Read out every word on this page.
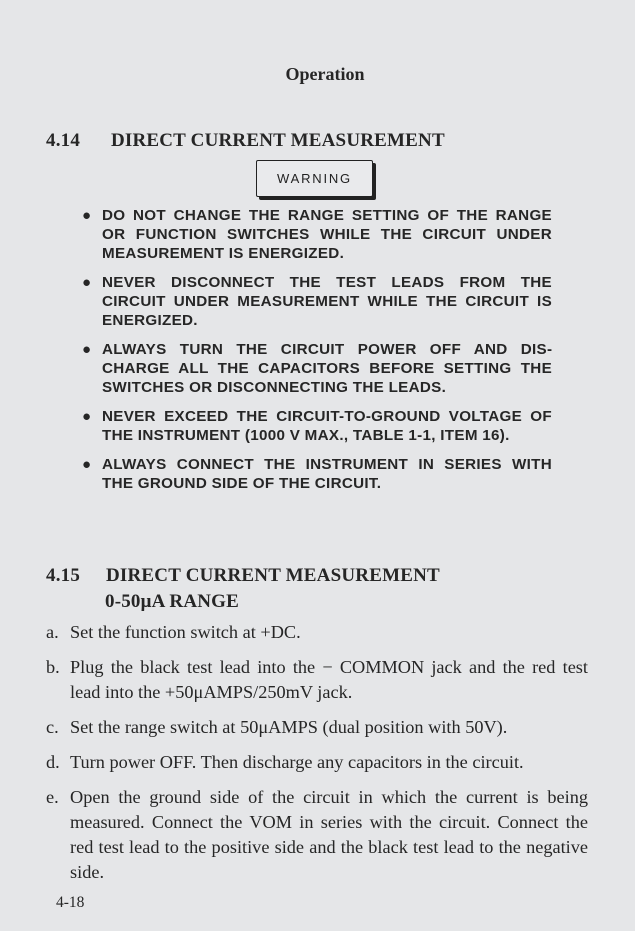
Operation
4.14 DIRECT CURRENT MEASUREMENT
WARNING
● DO NOT CHANGE THE RANGE SETTING OF THE RANGE OR FUNCTION SWITCHES WHILE THE CIRCUIT UNDER MEASUREMENT IS ENERGIZED.
● NEVER DISCONNECT THE TEST LEADS FROM THE CIRCUIT UNDER MEASUREMENT WHILE THE CIRCUIT IS ENERGIZED.
● ALWAYS TURN THE CIRCUIT POWER OFF AND DISCHARGE ALL THE CAPACITORS BEFORE SETTING THE SWITCHES OR DISCONNECTING THE LEADS.
● NEVER EXCEED THE CIRCUIT-TO-GROUND VOLTAGE OF THE INSTRUMENT (1000 V MAX., TABLE 1-1, ITEM 16).
● ALWAYS CONNECT THE INSTRUMENT IN SERIES WITH THE GROUND SIDE OF THE CIRCUIT.
4.15 DIRECT CURRENT MEASUREMENT
0-50μA RANGE
a. Set the function switch at +DC.
b. Plug the black test lead into the − COMMON jack and the red test lead into the +50μAMPS/250mV jack.
c. Set the range switch at 50μAMPS (dual position with 50V).
d. Turn power OFF. Then discharge any capacitors in the circuit.
e. Open the ground side of the circuit in which the current is being measured. Connect the VOM in series with the circuit. Connect the red test lead to the positive side and the black test lead to the negative side.
4-18
